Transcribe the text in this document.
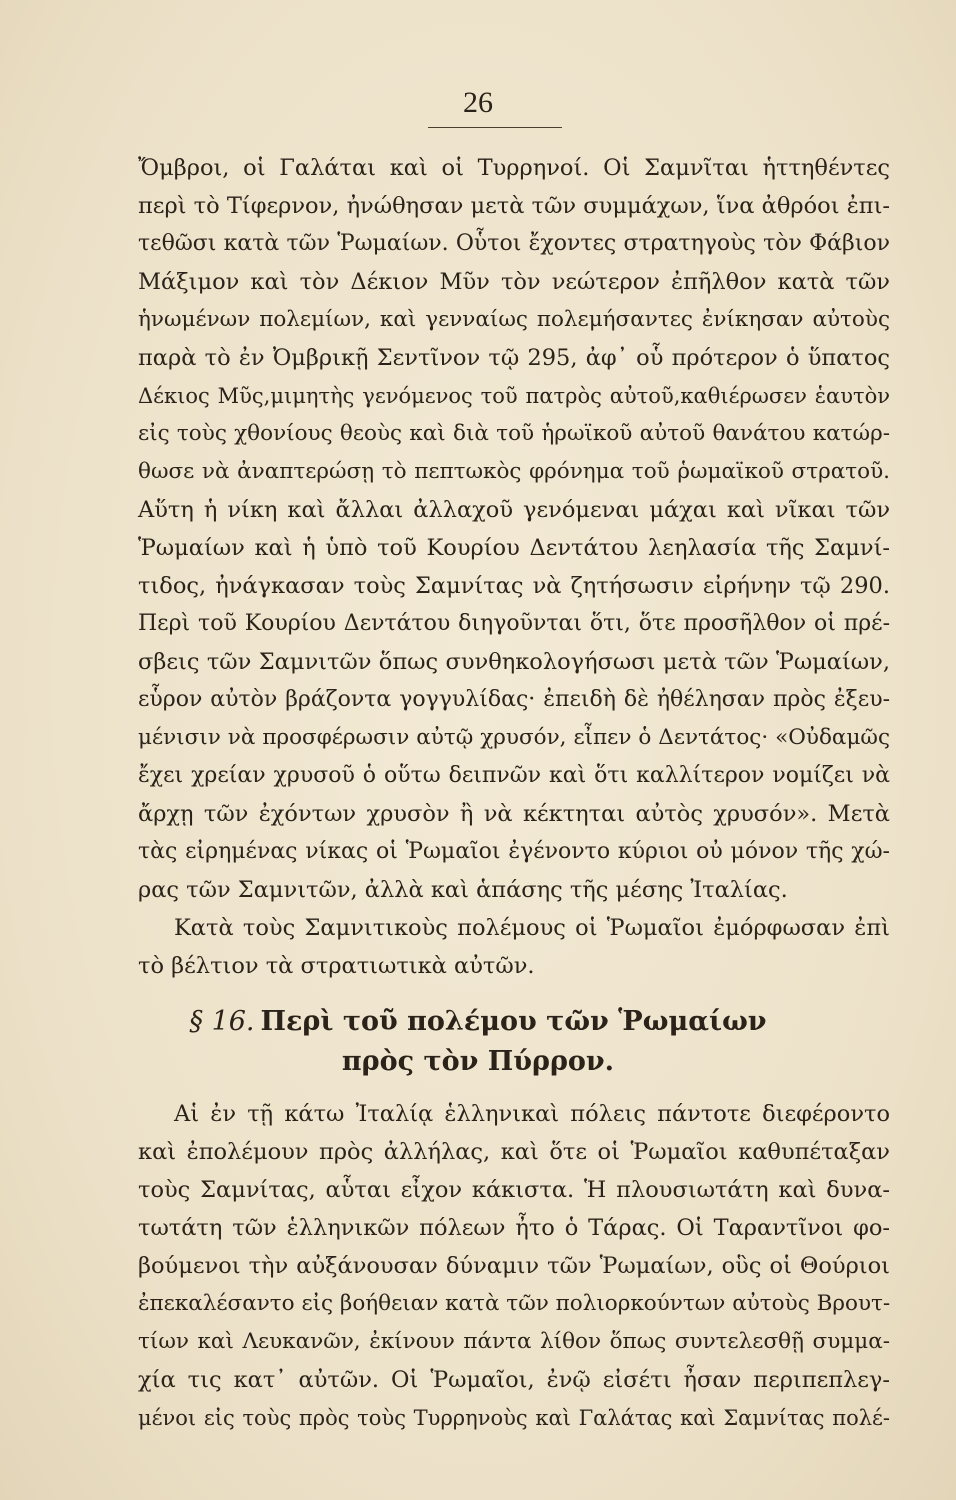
26
Ὄμβροι, οἱ Γαλάται καὶ οἱ Τυρρηνοί. Οἱ Σαμνῖται ἡττηθέντες
περὶ τὸ Τίφερνον, ἠνώθησαν μετὰ τῶν συμμάχων, ἵνα ἀθρόοι ἐπι-
τεθῶσι κατὰ τῶν Ῥωμαίων. Οὗτοι ἔχοντες στρατηγοὺς τὸν Φάβιον
Μάξιμον καὶ τὸν Δέκιον Μῦν τὸν νεώτερον ἐπῆλθον κατὰ τῶν
ἡνωμένων πολεμίων, καὶ γενναίως πολεμήσαντες ἐνίκησαν αὐτοὺς
παρὰ τὸ ἐν Ὀμβρικῇ Σεντῖνον τῷ 295, ἀφ᾽ οὗ πρότερον ὁ ὕπατος
Δέκιος Μῦς,μιμητὴς γενόμενος τοῦ πατρὸς αὐτοῦ,καθιέρωσεν ἑαυτὸν
εἰς τοὺς χθονίους θεοὺς καὶ διὰ τοῦ ἡρωϊκοῦ αὐτοῦ θανάτου κατώρ-
θωσε νὰ ἀναπτερώσῃ τὸ πεπτωκὸς φρόνημα τοῦ ῥωμαϊκοῦ στρατοῦ.
Αὕτη ἡ νίκη καὶ ἄλλαι ἀλλαχοῦ γενόμεναι μάχαι καὶ νῖκαι τῶν
Ῥωμαίων καὶ ἡ ὑπὸ τοῦ Κουρίου Δεντάτου λεηλασία τῆς Σαμνί-
τιδος, ἠνάγκασαν τοὺς Σαμνίτας νὰ ζητήσωσιν εἰρήνην τῷ 290.
Περὶ τοῦ Κουρίου Δεντάτου διηγοῦνται ὅτι, ὅτε προσῆλθον οἱ πρέ-
σβεις τῶν Σαμνιτῶν ὅπως συνθηκολογήσωσι μετὰ τῶν Ῥωμαίων,
εὗρον αὐτὸν βράζοντα γογγυλίδας· ἐπειδὴ δὲ ἠθέλησαν πρὸς ἐξευ-
μένισιν νὰ προσφέρωσιν αὐτῷ χρυσόν, εἶπεν ὁ Δεντάτος· «Οὐδαμῶς
ἔχει χρείαν χρυσοῦ ὁ οὕτω δειπνῶν καὶ ὅτι καλλίτερον νομίζει νὰ
ἄρχῃ τῶν ἐχόντων χρυσὸν ἢ νὰ κέκτηται αὐτὸς χρυσόν». Μετὰ
τὰς εἰρημένας νίκας οἱ Ῥωμαῖοι ἐγένοντο κύριοι οὐ μόνον τῆς χώ-
ρας τῶν Σαμνιτῶν, ἀλλὰ καὶ ἁπάσης τῆς μέσης Ἰταλίας.
Κατὰ τοὺς Σαμνιτικοὺς πολέμους οἱ Ῥωμαῖοι ἐμόρφωσαν ἐπὶ
τὸ βέλτιον τὰ στρατιωτικὰ αὐτῶν.
§ 16. Περὶ τοῦ πολέμου τῶν Ῥωμαίων
πρὸς τὸν Πύρρον.
Αἱ ἐν τῇ κάτω Ἰταλίᾳ ἑλληνικαὶ πόλεις πάντοτε διεφέροντο
καὶ ἐπολέμουν πρὸς ἀλλήλας, καὶ ὅτε οἱ Ῥωμαῖοι καθυπέταξαν
τοὺς Σαμνίτας, αὗται εἶχον κάκιστα. Ἡ πλουσιωτάτη καὶ δυνα-
τωτάτη τῶν ἑλληνικῶν πόλεων ἦτο ὁ Τάρας. Οἱ Ταραντῖνοι φο-
βούμενοι τὴν αὐξάνουσαν δύναμιν τῶν Ῥωμαίων, οὓς οἱ Θούριοι
ἐπεκαλέσαντο εἰς βοήθειαν κατὰ τῶν πολιορκούντων αὐτοὺς Βρουτ-
τίων καὶ Λευκανῶν, ἐκίνουν πάντα λίθον ὅπως συντελεσθῇ συμμα-
χία τις κατ᾽ αὐτῶν. Οἱ Ῥωμαῖοι, ἐνῷ εἰσέτι ἦσαν περιπεπλεγ-
μένοι εἰς τοὺς πρὸς τοὺς Τυρρηνοὺς καὶ Γαλάτας καὶ Σαμνίτας πολέ-
